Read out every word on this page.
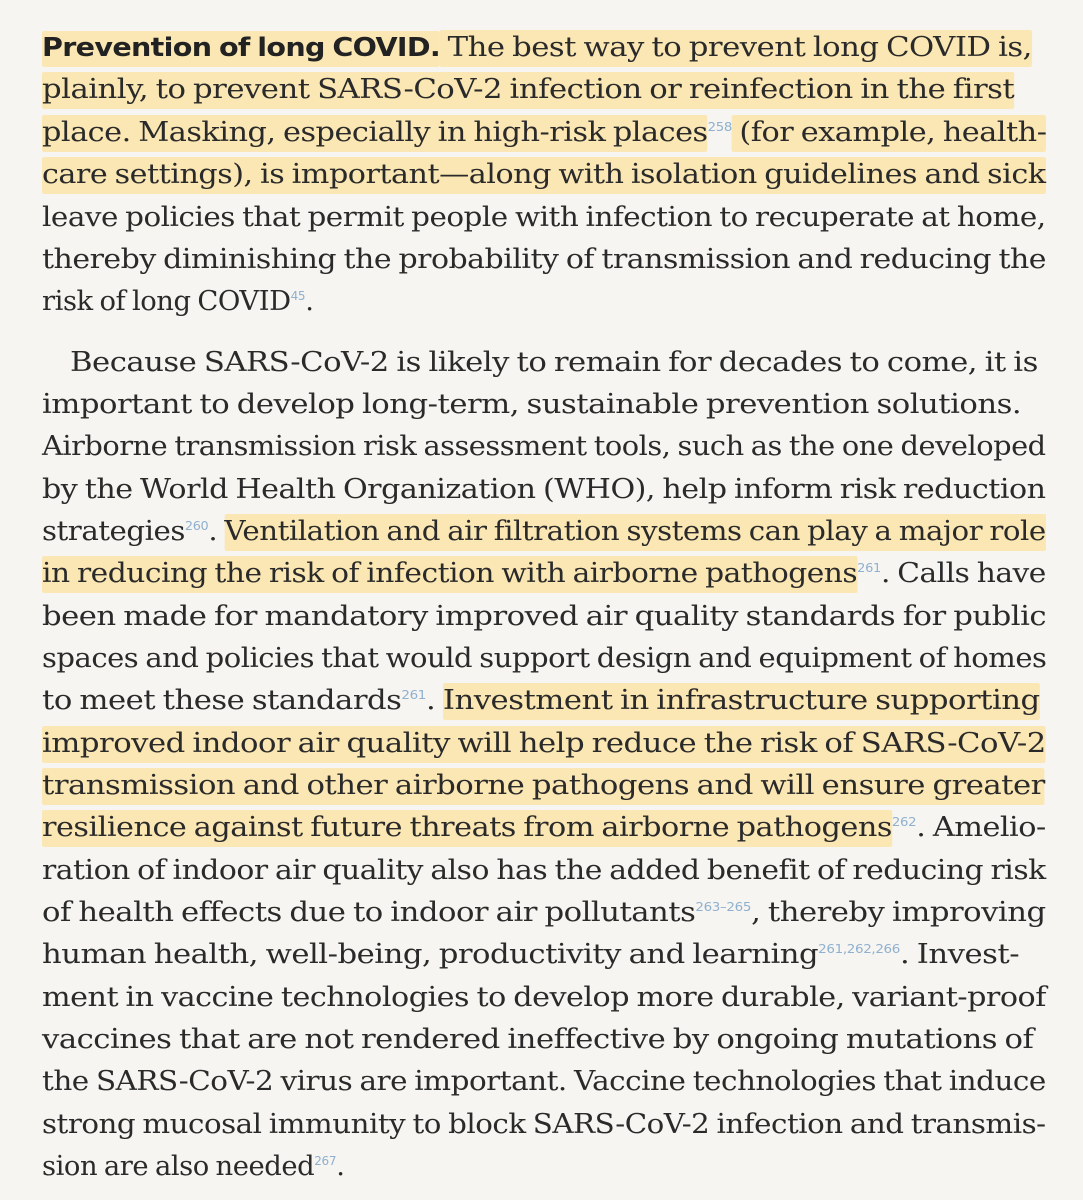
Prevention of long COVID. The best way to prevent long COVID is,
plainly, to prevent SARS-CoV-2 infection or reinfection in the first
place. Masking, especially in high-risk places$^{258}$ (for example, health-
care settings), is important—along with isolation guidelines and sick
leave policies that permit people with infection to recuperate at home,
thereby diminishing the probability of transmission and reducing the
risk of long COVID$^{45}$.
Because SARS-CoV-2 is likely to remain for decades to come, it is
important to develop long-term, sustainable prevention solutions.
Airborne transmission risk assessment tools, such as the one developed
by the World Health Organization (WHO), help inform risk reduction
strategies$^{260}$. Ventilation and air filtration systems can play a major role
in reducing the risk of infection with airborne pathogens$^{261}$. Calls have
been made for mandatory improved air quality standards for public
spaces and policies that would support design and equipment of homes
to meet these standards$^{261}$. Investment in infrastructure supporting
improved indoor air quality will help reduce the risk of SARS-CoV-2
transmission and other airborne pathogens and will ensure greater
resilience against future threats from airborne pathogens$^{262}$. Amelio-
ration of indoor air quality also has the added benefit of reducing risk
of health effects due to indoor air pollutants$^{263-265}$, thereby improving
human health, well-being, productivity and learning$^{261,262,266}$. Invest-
ment in vaccine technologies to develop more durable, variant-proof
vaccines that are not rendered ineffective by ongoing mutations of
the SARS-CoV-2 virus are important. Vaccine technologies that induce
strong mucosal immunity to block SARS-CoV-2 infection and transmis-
sion are also needed$^{267}$.
